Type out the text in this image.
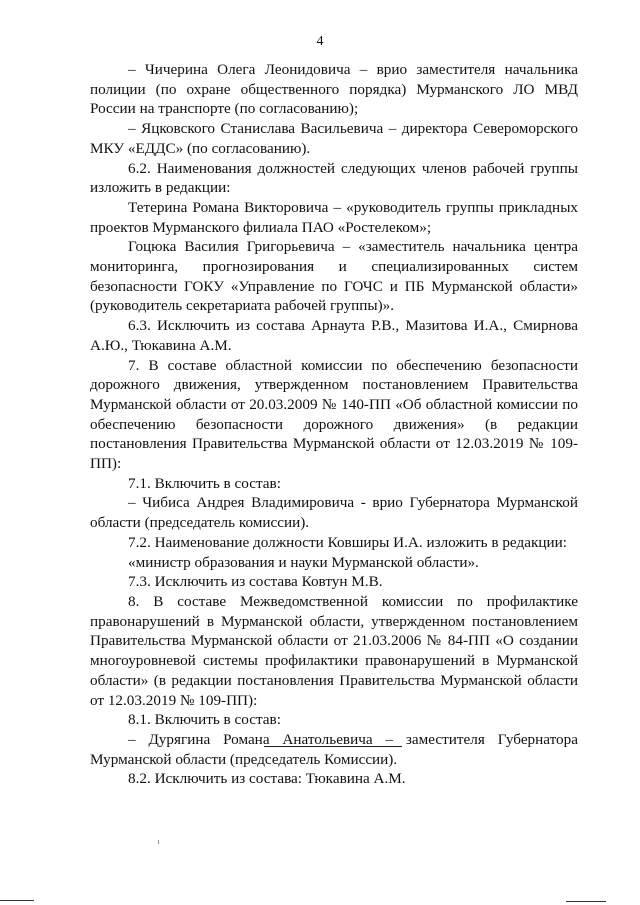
4

– Чичерина Олега Леонидовича – врио заместителя начальника полиции (по охране общественного порядка) Мурманского ЛО МВД России на транспорте (по согласованию);

– Яцковского Станислава Васильевича – директора Североморского МКУ «ЕДДС» (по согласованию).

6.2. Наименования должностей следующих членов рабочей группы изложить в редакции:

Тетерина Романа Викторовича – «руководитель группы прикладных проектов Мурманского филиала ПАО «Ростелеком»;

Гоцюка Василия Григорьевича – «заместитель начальника центра мониторинга, прогнозирования и специализированных систем безопасности ГОКУ «Управление по ГОЧС и ПБ Мурманской области» (руководитель секретариата рабочей группы)».

6.3. Исключить из состава Арнаута Р.В., Мазитова И.А., Смирнова А.Ю., Тюкавина А.М.

7. В составе областной комиссии по обеспечению безопасности дорожного движения, утвержденном постановлением Правительства Мурманской области от 20.03.2009 № 140-ПП «Об областной комиссии по обеспечению безопасности дорожного движения» (в редакции постановления Правительства Мурманской области от 12.03.2019 № 109-ПП):

7.1. Включить в состав:

– Чибиса Андрея Владимировича - врио Губернатора Мурманской области (председатель комиссии).

7.2. Наименование должности Ковширы И.А. изложить в редакции:

«министр образования и науки Мурманской области».

7.3. Исключить из состава Ковтун М.В.

8. В составе Межведомственной комиссии по профилактике правонарушений в Мурманской области, утвержденном постановлением Правительства Мурманской области от 21.03.2006 № 84-ПП «О создании многоуровневой системы профилактики правонарушений в Мурманской области» (в редакции постановления Правительства Мурманской области от 12.03.2019 № 109-ПП):

8.1. Включить в состав:

– Дурягина Романа Анатольевича – заместителя Губернатора Мурманской области (председатель Комиссии).

8.2. Исключить из состава: Тюкавина А.М.
